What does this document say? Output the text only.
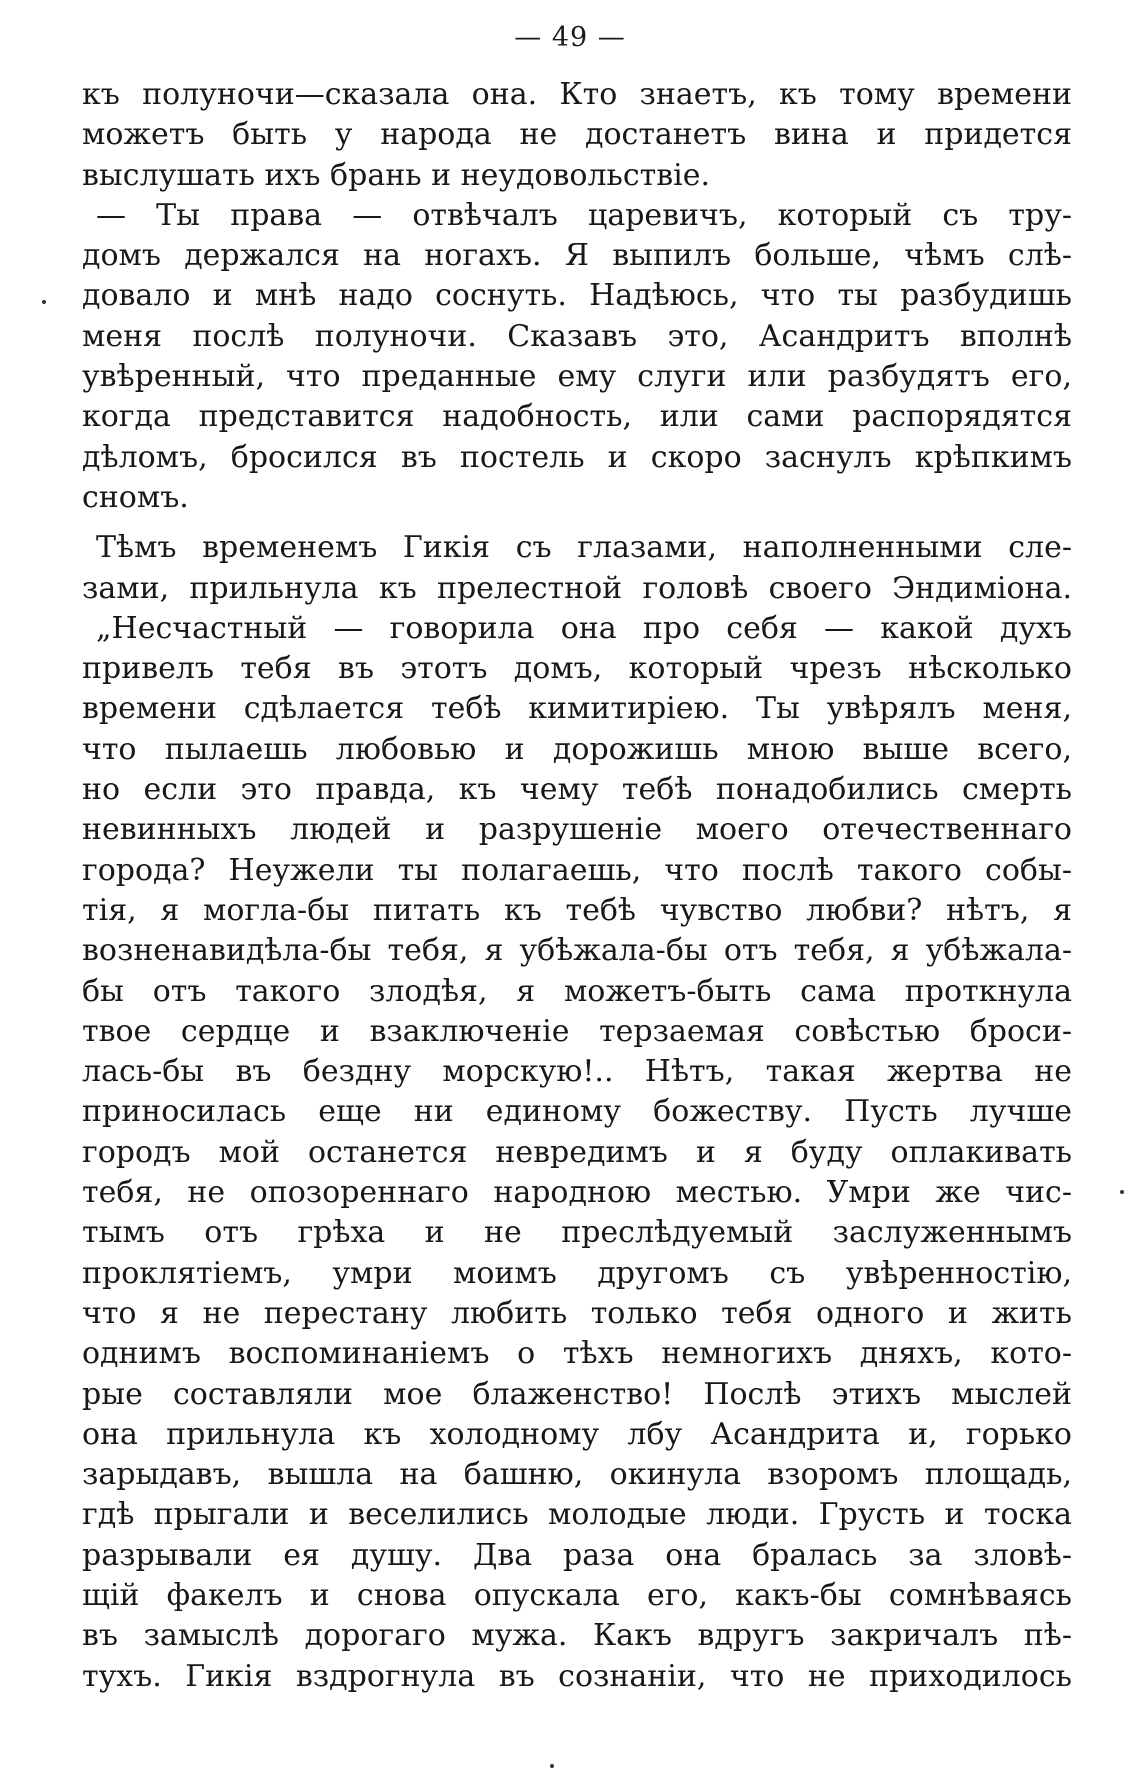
— 49 —
къ полуночи—сказала она. Кто знаетъ, къ тому времени
можетъ быть у народа не достанетъ вина и придется
выслушать ихъ брань и неудовольствіе.
— Ты права — отвѣчалъ царевичъ, который съ тру-
домъ держался на ногахъ. Я выпилъ больше, чѣмъ слѣ-
довало и мнѣ надо соснуть. Надѣюсь, что ты разбудишь
меня послѣ полуночи. Сказавъ это, Асандритъ вполнѣ
увѣренный, что преданные ему слуги или разбудятъ его,
когда представится надобность, или сами распорядятся
дѣломъ, бросился въ постель и скоро заснулъ крѣпкимъ
сномъ.
Тѣмъ временемъ Гикія съ глазами, наполненными сле-
зами, прильнула къ прелестной головѣ своего Эндиміона.
„Несчастный — говорила она про себя — какой духъ
привелъ тебя въ этотъ домъ, который чрезъ нѣсколько
времени сдѣлается тебѣ кимитиріею. Ты увѣрялъ меня,
что пылаешь любовью и дорожишь мною выше всего,
но если это правда, къ чему тебѣ понадобились смерть
невинныхъ людей и разрушеніе моего отечественнаго
города? Неужели ты полагаешь, что послѣ такого собы-
тія, я могла-бы питать къ тебѣ чувство любви? нѣтъ, я
возненавидѣла-бы тебя, я убѣжала-бы отъ тебя, я убѣжала-
бы отъ такого злодѣя, я можетъ-быть сама проткнула
твое сердце и взаключеніе терзаемая совѣстью броси-
лась-бы въ бездну морскую!.. Нѣтъ, такая жертва не
приносилась еще ни единому божеству. Пусть лучше
городъ мой останется невредимъ и я буду оплакивать
тебя, не опозореннаго народною местью. Умри же чис-
тымъ отъ грѣха и не преслѣдуемый заслуженнымъ
проклятіемъ, умри моимъ другомъ съ увѣренностію,
что я не перестану любить только тебя одного и жить
однимъ воспоминаніемъ о тѣхъ немногихъ дняхъ, кото-
рые составляли мое блаженство! Послѣ этихъ мыслей
она прильнула къ холодному лбу Асандрита и, горько
зарыдавъ, вышла на башню, окинула взоромъ площадь,
гдѣ прыгали и веселились молодые люди. Грусть и тоска
разрывали ея душу. Два раза она бралась за зловѣ-
щій факелъ и снова опускала его, какъ-бы сомнѣваясь
въ замыслѣ дорогаго мужа. Какъ вдругъ закричалъ пѣ-
тухъ. Гикія вздрогнула въ сознаніи, что не приходилось
